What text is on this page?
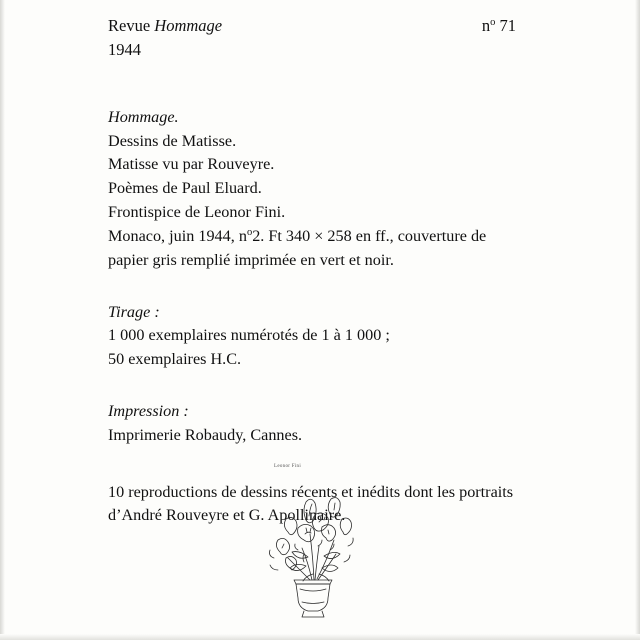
Revue Hommage
1944
$n^o$ 71
Hommage.
Dessins de Matisse.
Matisse vu par Rouveyre.
Poèmes de Paul Eluard.
Frontispice de Leonor Fini.
Monaco, juin 1944, $n^o2$. Ft 340 × 258 en ff., couverture de papier gris remplié imprimée en vert et noir.
Tirage :
1 000 exemplaires numérotés de 1 à 1 000 ;
50 exemplaires H.C.
Impression :
Imprimerie Robaudy, Cannes.
10 reproductions de dessins récents et inédits dont les portraits d’André Rouveyre et G. Apollinaire.
Leonor Fini
